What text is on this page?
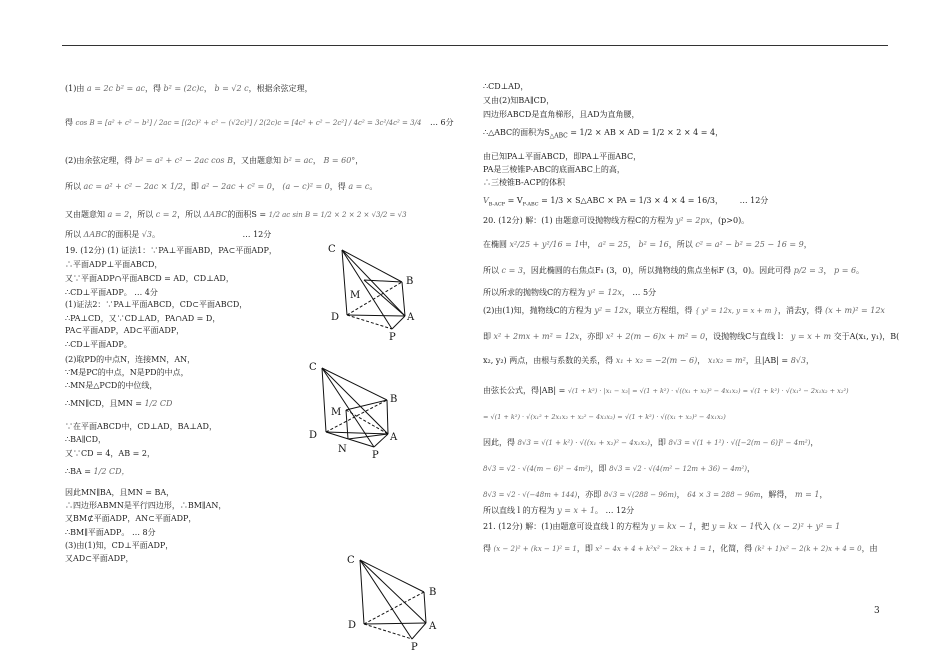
(1)由 a = 2c b² = ac，得 b² = (2c)c， b = √2 c，根据余弦定理，
得 cos B = [a² + c² − b²] / 2ac = [(2c)² + c² − (√2c)²] / 2(2c)c = [4c² + c² − 2c²] / 4c² = 3c²/4c² = 3/4 … 6分
(2)由余弦定理，得 b² = a² + c² − 2ac cos B，又由题意知 b² = ac， B = 60°，
所以 ac = a² + c² − 2ac × 1/2，即 a² − 2ac + c² = 0， (a − c)² = 0，得 a = c。
又由题意知 a = 2，所以 c = 2，所以 ΔABC的面积S = 1/2 ac sin B = 1/2 × 2 × 2 × √3/2 = √3
所以 ΔABC的面积是 √3。	… 12分
19. (12分) (1) 证法1：∵PA⊥平面ABD，PA⊂平面ADP，
∴平面ADP⊥平面ABCD，
又∵平面ADP∩平面ABCD = AD，CD⊥AD，
∴CD⊥平面ADP。 … 4分
(1)证法2：∵PA⊥平面ABCD，CD⊂平面ABCD，
∴PA⊥CD，又∵CD⊥AD，PA∩AD = D，
PA⊂平面ADP，AD⊂平面ADP，
∴CD⊥平面ADP。
(2)取PD的中点N，连接MN，AN，
∵M是PC的中点，N是PD的中点，
∴MN是△PCD的中位线，
∴MN∥CD，且MN = 1/2 CD
∵在平面ABCD中，CD⊥AD，BA⊥AD，
∴BA∥CD，
又∵CD = 4，AB = 2，
∴BA = 1/2 CD，
因此MN∥BA，且MN = BA，
∴四边形ABMN是平行四边形，∴BM∥AN，
又BM⊄平面ADP，AN⊂平面ADP，
∴BM∥平面ADP。 … 8分
(3)由(1)知，CD⊥平面ADP，
又AD⊂平面ADP，
C
M
B
D	A
P
C
M
B
D	A
N
P
C
B
D	A
P
∴CD⊥AD，
又由(2)知BA∥CD，
四边形ABCD是直角梯形，且AD为直角腰，
∴△ABC的面积为$S_{\triangle ABC} = 1/2$ × AB × AD = 1/2 × 2 × 4 = 4，
由已知PA⊥平面ABCD，即PA⊥平面ABC，
PA是三棱锥P-ABC的底面ABC上的高，
∴三棱锥B-ACP的体积
$V_{B-ACP} = V_{P-ABC} = 1/3$ × S△ABC × PA = 1/3 × 4 × 4 = 16/3， … 12分
20. (12分) 解：(1) 由题意可设抛物线方程C的方程为 y² = 2px，(p>0)。
在椭圆 x²/25 + y²/16 = 1中， a² = 25， b² = 16，所以 c² = a² − b² = 25 − 16 = 9，
所以 c = 3，因此椭圆的右焦点F₁ (3，0)，所以抛物线的焦点坐标F (3，0)。因此可得 p/2 = 3， p = 6。
所以所求的抛物线C的方程为 y² = 12x， … 5分
(2)由(1)知，抛物线C的方程为 y² = 12x，联立方程组，得 { y² = 12x, y = x + m }，消去y，得 (x + m)² = 12x
即 x² + 2mx + m² = 12x，亦即 x² + 2(m − 6)x + m² = 0，设抛物线C与直线 l： y = x + m 交于A(x₁, y₁)，B(
x₂, y₂) 两点，由根与系数的关系，得 x₁ + x₂ = −2(m − 6)， x₁x₂ = m²，且|AB| = 8√3，
由弦长公式，得|AB| = √(1 + k²) · |x₁ − x₂| = √(1 + k²) · √((x₁ + x₂)² − 4x₁x₂) = √(1 + k²) · √(x₁² − 2x₁x₂ + x₂²)
= √(1 + k²) · √(x₁² + 2x₁x₂ + x₂² − 4x₁x₂) = √(1 + k²) · √((x₁ + x₂)² − 4x₁x₂)
因此，得 8√3 = √(1 + k²) · √((x₁ + x₂)² − 4x₁x₂)，即 8√3 = √(1 + 1²) · √([−2(m − 6)]² − 4m²)，
8√3 = √2 · √(4(m − 6)² − 4m²)，即 8√3 = √2 · √(4(m² − 12m + 36) − 4m²)，
8√3 = √2 · √(−48m + 144)，亦即 8√3 = √(288 − 96m)， 64 × 3 = 288 − 96m，解得， m = 1，
所以直线 l 的方程为 y = x + 1。 … 12分
21. (12分) 解：(1)由题意可设直线 l 的方程为 y = kx − 1，把 y = kx − 1代入 (x − 2)² + y² = 1
得 (x − 2)² + (kx − 1)² = 1，即 x² − 4x + 4 + k²x² − 2kx + 1 = 1，化简，得 (k² + 1)x² − 2(k + 2)x + 4 = 0，由
3
